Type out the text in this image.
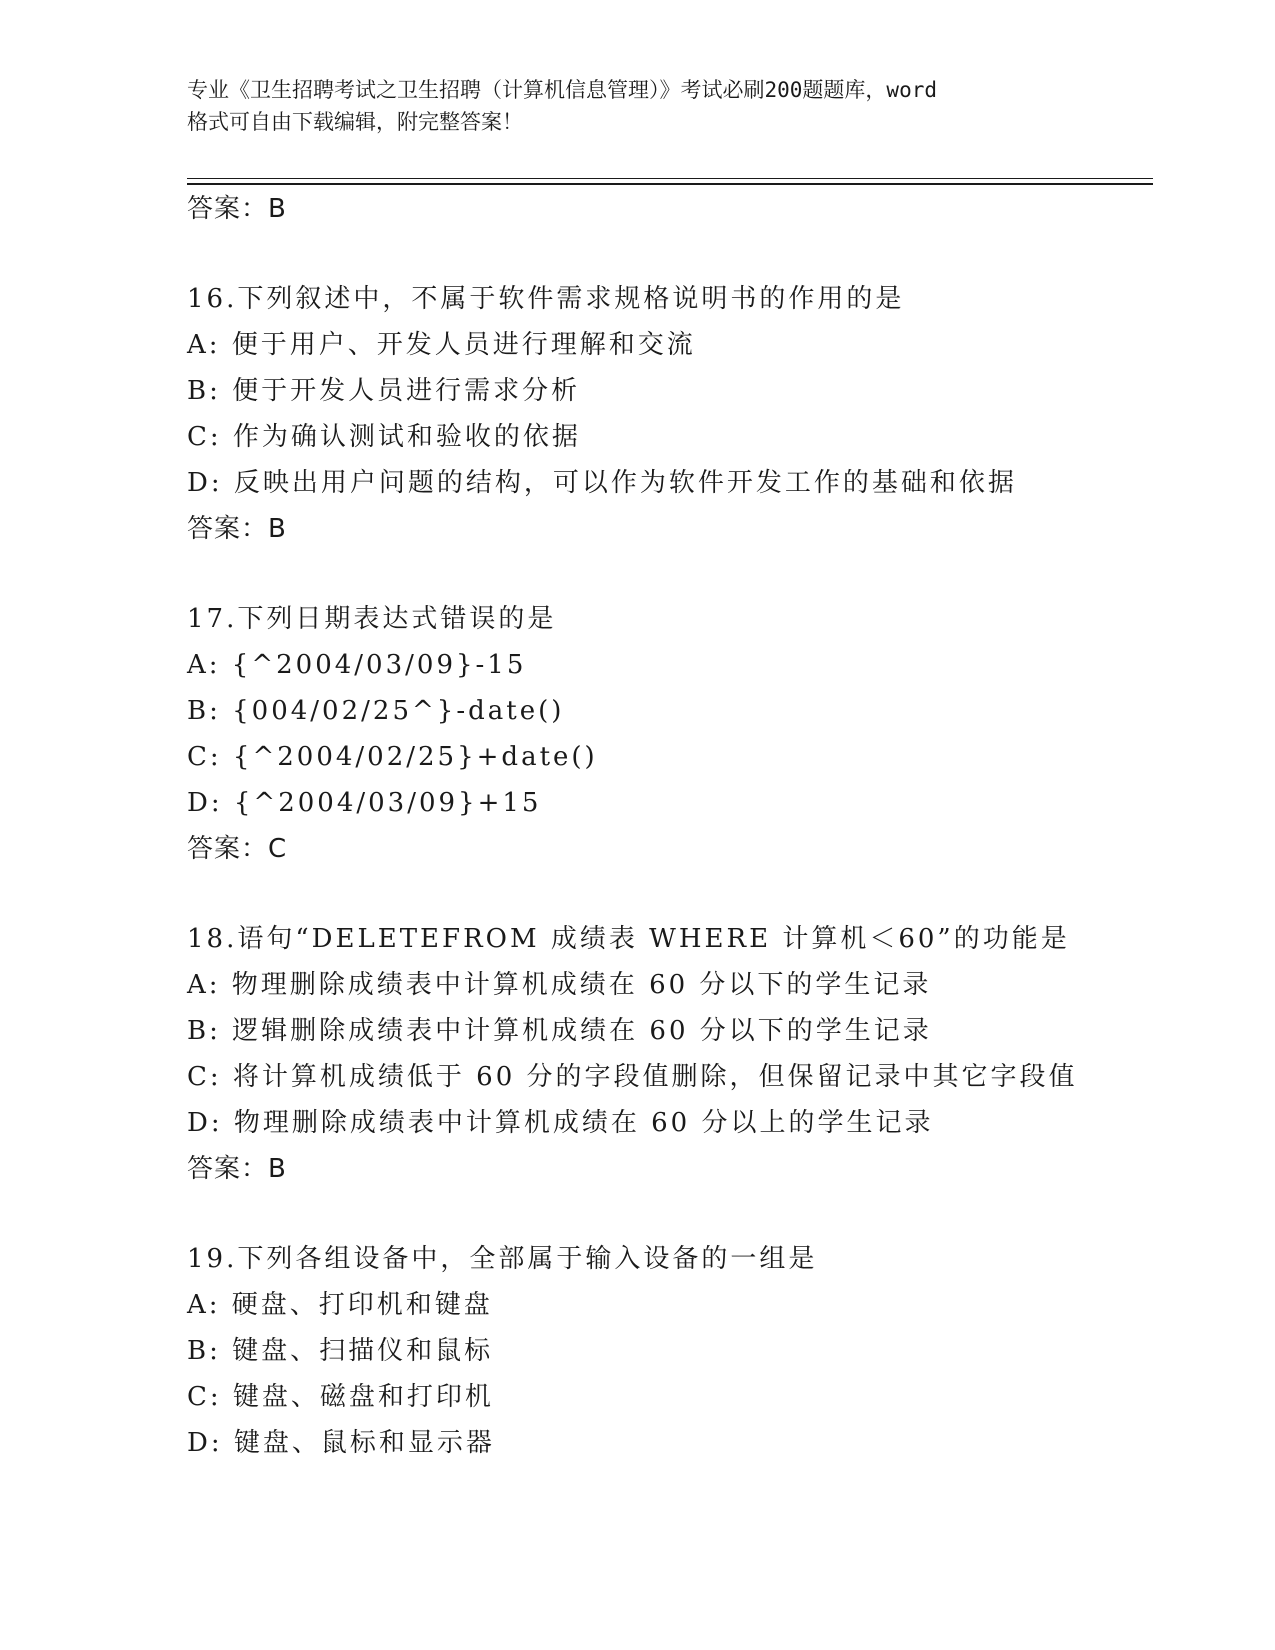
专业《卫生招聘考试之卫生招聘（计算机信息管理）》考试必刷200题题库，word
格式可自由下载编辑，附完整答案！
答案：B
16.下列叙述中，不属于软件需求规格说明书的作用的是
A: 便于用户、开发人员进行理解和交流
B: 便于开发人员进行需求分析
C: 作为确认测试和验收的依据
D: 反映出用户问题的结构，可以作为软件开发工作的基础和依据
答案：B
17.下列日期表达式错误的是
A: {^2004/03/09}-15
B: {004/02/25^}-date()
C: {^2004/02/25}+date()
D: {^2004/03/09}+15
答案：C
18.语句“DELETEFROM 成绩表 WHERE 计算机＜60”的功能是
A: 物理删除成绩表中计算机成绩在 60 分以下的学生记录
B: 逻辑删除成绩表中计算机成绩在 60 分以下的学生记录
C: 将计算机成绩低于 60 分的字段值删除，但保留记录中其它字段值
D: 物理删除成绩表中计算机成绩在 60 分以上的学生记录
答案：B
19.下列各组设备中，全部属于输入设备的一组是
A: 硬盘、打印机和键盘
B: 键盘、扫描仪和鼠标
C: 键盘、磁盘和打印机
D: 键盘、鼠标和显示器
